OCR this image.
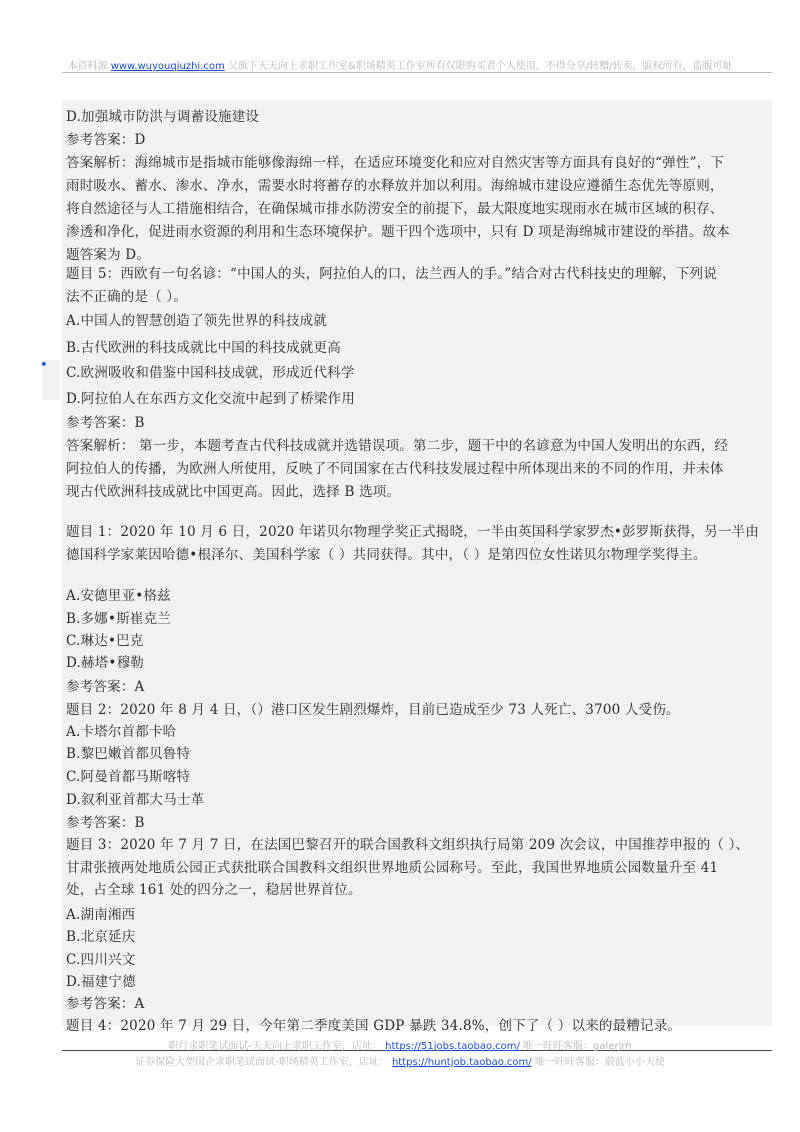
本资料源 www.wuyouqiuzhi.com 父旗下天天向上求职工作室&职场精英工作室所有仅限购买者个人使用，不得分享/转赠/转卖，版权所有，盗版可耻
•
D.加强城市防洪与调蓄设施建设
参考答案：D
答案解析：海绵城市是指城市能够像海绵一样，在适应环境变化和应对自然灾害等方面具有良好的“弹性”，下
雨时吸水、蓄水、渗水、净水，需要水时将蓄存的水释放并加以利用。海绵城市建设应遵循生态优先等原则，
将自然途径与人工措施相结合，在确保城市排水防涝安全的前提下，最大限度地实现雨水在城市区域的积存、
渗透和净化，促进雨水资源的利用和生态环境保护。题干四个选项中，只有 D 项是海绵城市建设的举措。故本
题答案为 D。
题目 5：西欧有一句名谚：“中国人的头，阿拉伯人的口，法兰西人的手。”结合对古代科技史的理解，下列说
法不正确的是（ ）。
A.中国人的智慧创造了领先世界的科技成就
B.古代欧洲的科技成就比中国的科技成就更高
C.欧洲吸收和借鉴中国科技成就，形成近代科学
D.阿拉伯人在东西方文化交流中起到了桥梁作用
参考答案：B
答案解析： 第一步，本题考查古代科技成就并选错误项。第二步，题干中的名谚意为中国人发明出的东西，经
阿拉伯人的传播，为欧洲人所使用，反映了不同国家在古代科技发展过程中所体现出来的不同的作用，并未体
现古代欧洲科技成就比中国更高。因此，选择 B 选项。
题目 1：2020 年 10 月 6 日，2020 年诺贝尔物理学奖正式揭晓，一半由英国科学家罗杰•彭罗斯获得，另一半由
德国科学家莱因哈德•根泽尔、美国科学家（ ）共同获得。其中，（ ）是第四位女性诺贝尔物理学奖得主。
A.安德里亚•格兹
B.多娜•斯崔克兰
C.琳达•巴克
D.赫塔•穆勒
参考答案：A
题目 2：2020 年 8 月 4 日，（）港口区发生剧烈爆炸，目前已造成至少 73 人死亡、3700 人受伤。
A.卡塔尔首都卡哈
B.黎巴嫩首都贝鲁特
C.阿曼首都马斯喀特
D.叙利亚首都大马士革
参考答案：B
题目 3：2020 年 7 月 7 日，在法国巴黎召开的联合国教科文组织执行局第 209 次会议，中国推荐申报的（ ）、
甘肃张掖两处地质公园正式获批联合国教科文组织世界地质公园称号。至此，我国世界地质公园数量升至 41
处，占全球 161 处的四分之一，稳居世界首位。
A.湖南湘西
B.北京延庆
C.四川兴文
D.福建宁德
参考答案：A
题目 4：2020 年 7 月 29 日，今年第二季度美国 GDP 暴跌 34.8%，创下了（ ）以来的最糟记录。
职行求职笔试面试-天天向上求职工作室，店址： https://51jobs.taobao.com/ 唯一旺旺客服：galerjrn
证券保险大型国企求职笔试面试-职场精英工作室，店址： https://huntjob.taobao.com/ 唯一旺旺客服：蔚蓝小小天使
